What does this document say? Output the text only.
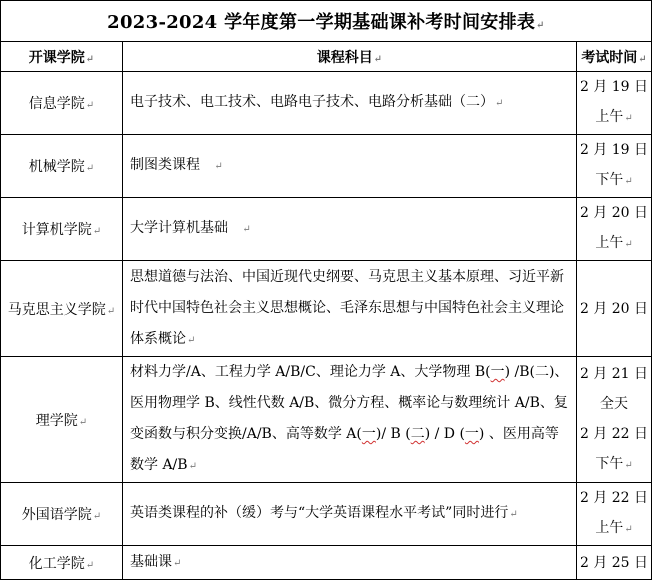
2023-2024 学年度第一学期基础课补考时间安排表↵		
开课学院↵	课程科目↵	考试时间↵
信息学院↵	电子技术、电工技术、电路电子技术、电路分析基础（二）↵	2 月 19 日
上午↵

机械学院↵	制图类课程 ↵	2 月 19 日
下午↵

计算机学院↵	大学计算机基础 ↵	2 月 20 日
上午↵

马克思主义学院↵	思想道德与法治、中国近现代史纲要、马克思主义基本原理、习近平新时代中国特色社会主义思想概论、毛泽东思想与中国特色社会主义理论体系概论↵	2 月 20 日

理学院↵	材料力学/A、工程力学 A/B/C、理论力学 A、大学物理 B(一) /B(二)、医用物理学 B、线性代数 A/B、微分方程、概率论与数理统计 A/B、复变函数与积分变换/A/B、高等数学 A(一)/ B (二) / D (一) 、医用高等数学 A/B↵	2 月 21 日
全天
2 月 22 日
下午↵

外国语学院↵	英语类课程的补（缓）考与“大学英语课程水平考试”同时进行↵	2 月 22 日
上午↵

化工学院↵	基础课↵	2 月 25 日
